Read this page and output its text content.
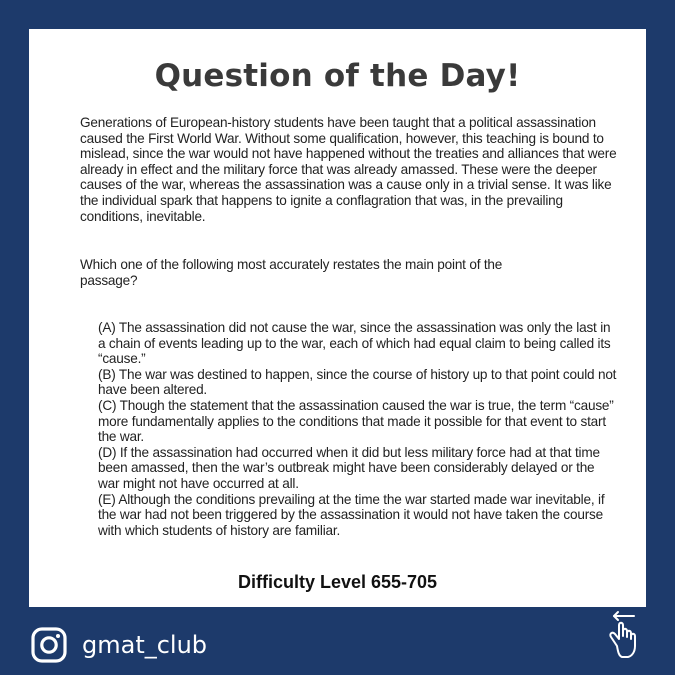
Question of the Day!

Generations of European-history students have been taught that a political assassination caused the First World War. Without some qualification, however, this teaching is bound to mislead, since the war would not have happened without the treaties and alliances that were already in effect and the military force that was already amassed. These were the deeper causes of the war, whereas the assassination was a cause only in a trivial sense. It was like the individual spark that happens to ignite a conflagration that was, in the prevailing conditions, inevitable.

Which one of the following most accurately restates the main point of the passage?

(A) The assassination did not cause the war, since the assassination was only the last in a chain of events leading up to the war, each of which had equal claim to being called its “cause.”
(B) The war was destined to happen, since the course of history up to that point could not have been altered.
(C) Though the statement that the assassination caused the war is true, the term “cause” more fundamentally applies to the conditions that made it possible for that event to start the war.
(D) If the assassination had occurred when it did but less military force had at that time been amassed, then the war’s outbreak might have been considerably delayed or the war might not have occurred at all.
(E) Although the conditions prevailing at the time the war started made war inevitable, if the war had not been triggered by the assassination it would not have taken the course with which students of history are familiar.

Difficulty Level 655-705

gmat_club
